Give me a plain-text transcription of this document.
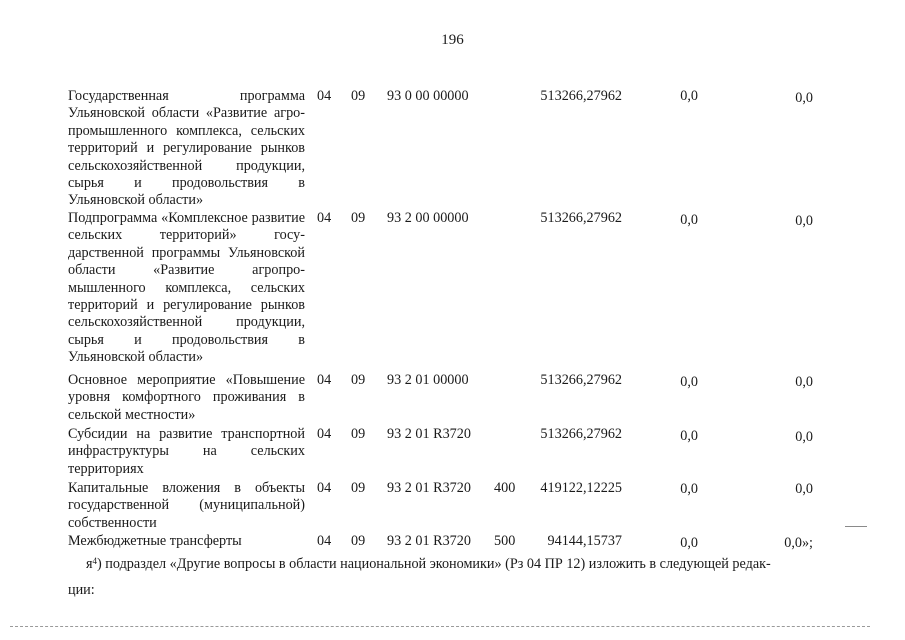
196
Государственная программа Ульяновской области «Развитие агропромышленного комплекса, сельских территорий и регулирование рынков сельскохозяйственной продукции, сырья и продовольствия в Ульяновской области»
04 09 93 0 00 00000	513266,27962	0,0	0,0
Подпрограмма «Комплексное развитие сельских территорий» государственной программы Ульяновской области «Развитие агропромышленного комплекса, сельских территорий и регулирование рынков сельскохозяйственной продукции, сырья и продовольствия в Ульяновской области»
04 09 93 2 00 00000	513266,27962	0,0	0,0
Основное мероприятие «Повышение уровня комфортного проживания в сельской местности»
04 09 93 2 01 00000	513266,27962	0,0	0,0
Субсидии на развитие транспортной инфраструктуры на сельских территориях
04 09 93 2 01 R3720	513266,27962	0,0	0,0
Капитальные вложения в объекты государственной (муниципальной) собственности
04 09 93 2 01 R3720 400	419122,12225	0,0	0,0
Межбюджетные трансферты	04 09 93 2 01 R3720 500	94144,15737	0,0	0,0»;
$я^4$) подраздел «Другие вопросы в области национальной экономики» (Рз 04 ПР 12) изложить в следующей редак-
ции:
